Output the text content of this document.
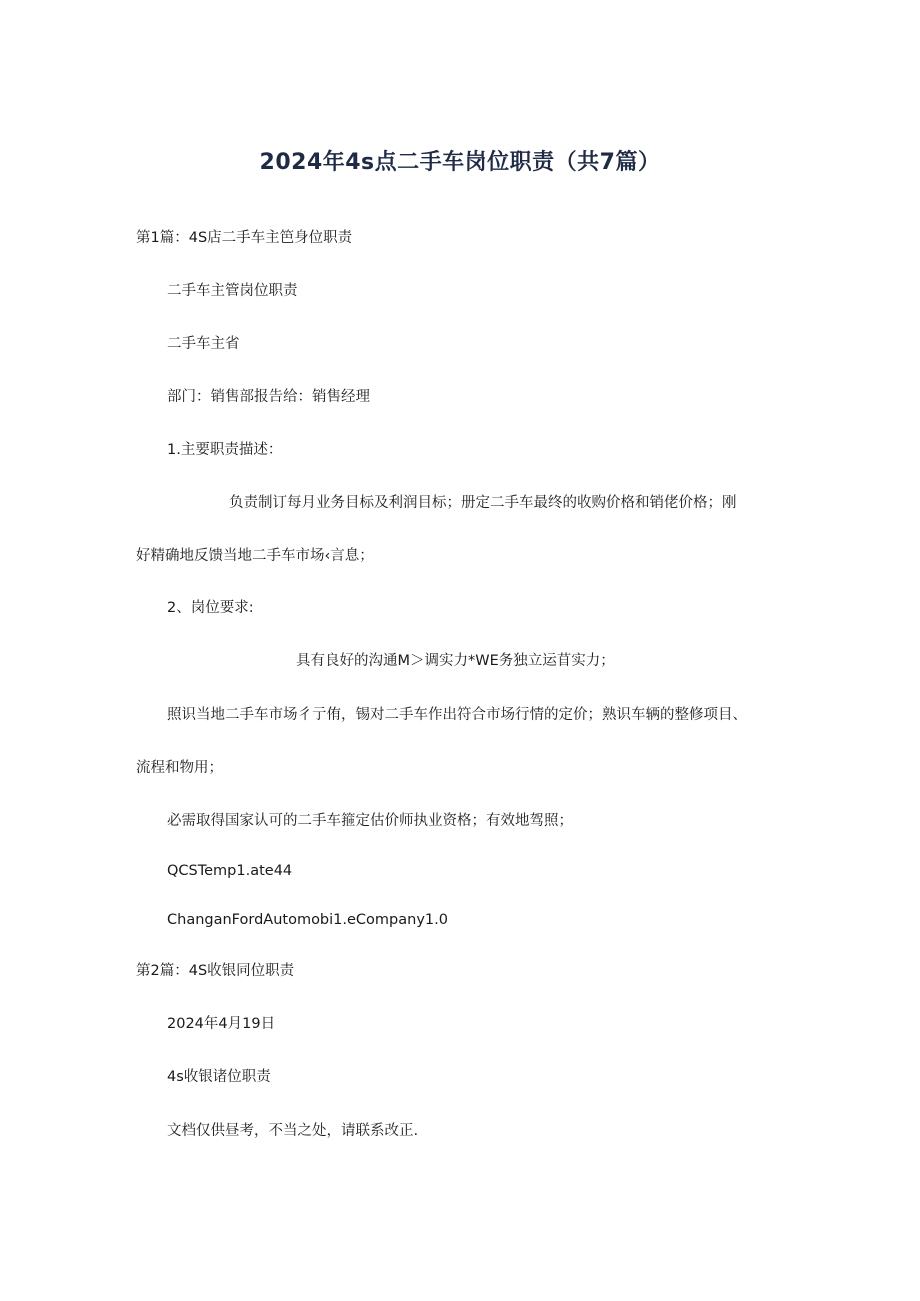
2024年4s点二手车岗位职责（共7篇）
第1篇：4S店二手车主笆身位职责
二手车主管岗位职责
二手车主省
部门：销售部报告给：销售经理
1.主要职责描述：
负责制订每月业务目标及利润目标；册定二手车最终的收购价格和销佬价格；刚
好精确地反馈当地二手车市场‹言息；
2、岗位要求:
具有良好的沟通M＞调实力*WE务独立运苜实力；
照识当地二手车市场彳亍侑，锡对二手车作出符合市场行情的定价；熟识车辆的整修项目、
流程和物用；
必需取得国家认可的二手车箍定估价师执业资格；有效地驾照；
QCSTemp1.ate44
ChanganFordAutomobi1.eCompany1.0
第2篇：4S收银同位职责
2024年4月19日
4s收银诸位职责
文档仅供昼考，不当之处，请联系改正.
